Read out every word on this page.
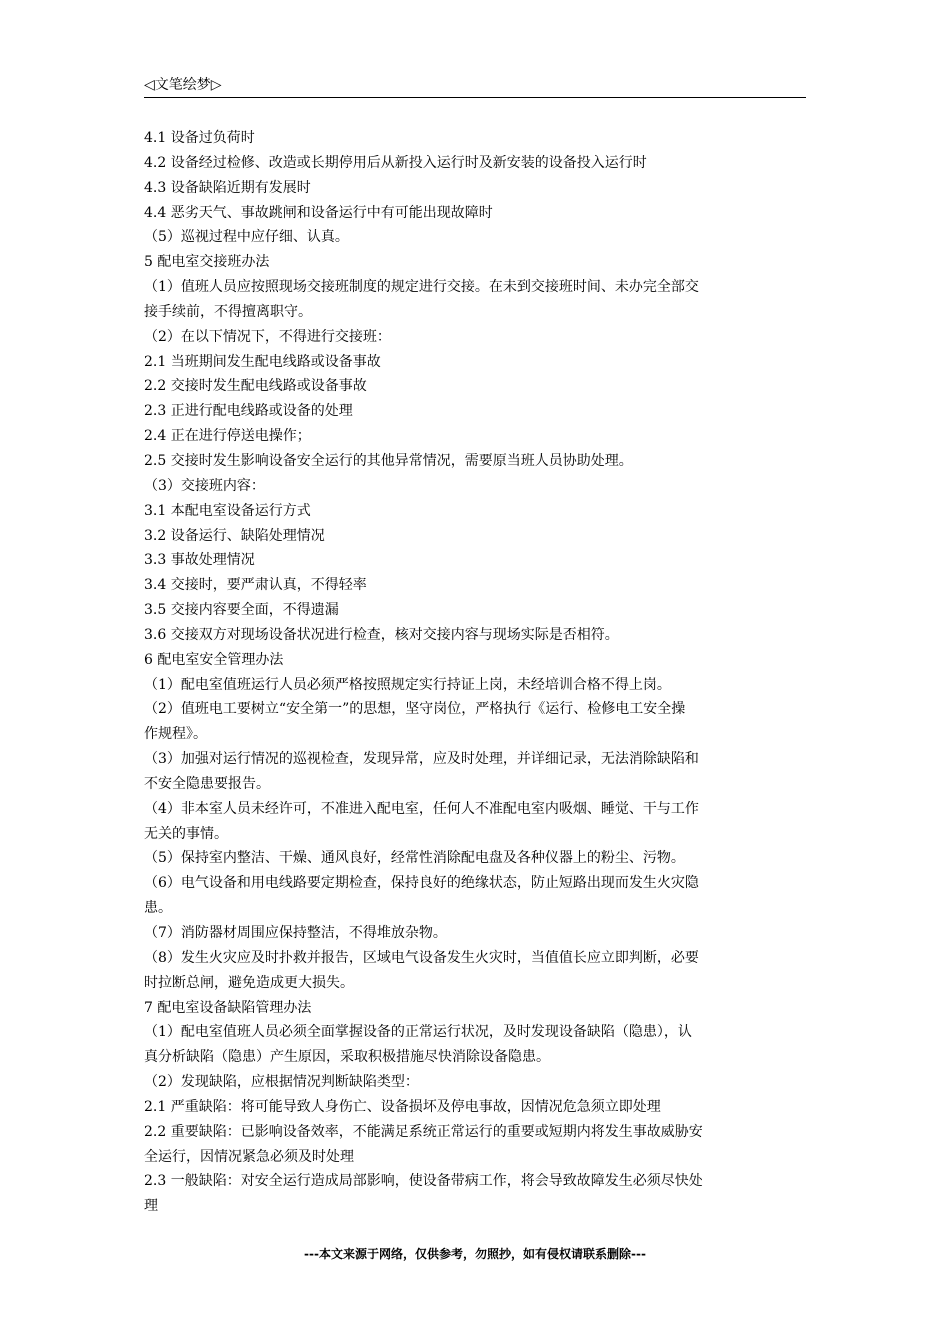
◁文笔绘梦▷
4.1 设备过负荷时
4.2 设备经过检修、改造或长期停用后从新投入运行时及新安装的设备投入运行时
4.3 设备缺陷近期有发展时
4.4 恶劣天气、事故跳闸和设备运行中有可能出现故障时
（5）巡视过程中应仔细、认真。
5 配电室交接班办法
（1）值班人员应按照现场交接班制度的规定进行交接。在未到交接班时间、未办完全部交
接手续前，不得擅离职守。
（2）在以下情况下，不得进行交接班：
2.1 当班期间发生配电线路或设备事故
2.2 交接时发生配电线路或设备事故
2.3 正进行配电线路或设备的处理
2.4 正在进行停送电操作；
2.5 交接时发生影响设备安全运行的其他异常情况，需要原当班人员协助处理。
（3）交接班内容：
3.1 本配电室设备运行方式
3.2 设备运行、缺陷处理情况
3.3 事故处理情况
3.4 交接时，要严肃认真，不得轻率
3.5 交接内容要全面，不得遗漏
3.6 交接双方对现场设备状况进行检查，核对交接内容与现场实际是否相符。
6 配电室安全管理办法
（1）配电室值班运行人员必须严格按照规定实行持证上岗，未经培训合格不得上岗。
（2）值班电工要树立“安全第一”的思想，坚守岗位，严格执行《运行、检修电工安全操
作规程》。
（3）加强对运行情况的巡视检查，发现异常，应及时处理，并详细记录，无法消除缺陷和
不安全隐患要报告。
（4）非本室人员未经许可，不准进入配电室，任何人不准配电室内吸烟、睡觉、干与工作
无关的事情。
（5）保持室内整洁、干燥、通风良好，经常性消除配电盘及各种仪器上的粉尘、污物。
（6）电气设备和用电线路要定期检查，保持良好的绝缘状态，防止短路出现而发生火灾隐
患。
（7）消防器材周围应保持整洁，不得堆放杂物。
（8）发生火灾应及时扑救并报告，区域电气设备发生火灾时，当值值长应立即判断，必要
时拉断总闸，避免造成更大损失。
7 配电室设备缺陷管理办法
（1）配电室值班人员必须全面掌握设备的正常运行状况，及时发现设备缺陷（隐患），认
真分析缺陷（隐患）产生原因，采取积极措施尽快消除设备隐患。
（2）发现缺陷，应根据情况判断缺陷类型：
2.1 严重缺陷：将可能导致人身伤亡、设备损坏及停电事故，因情况危急须立即处理
2.2 重要缺陷：已影响设备效率，不能满足系统正常运行的重要或短期内将发生事故威胁安
全运行，因情况紧急必须及时处理
2.3 一般缺陷：对安全运行造成局部影响，使设备带病工作，将会导致故障发生必须尽快处
理
---本文来源于网络，仅供参考，勿照抄，如有侵权请联系删除---
